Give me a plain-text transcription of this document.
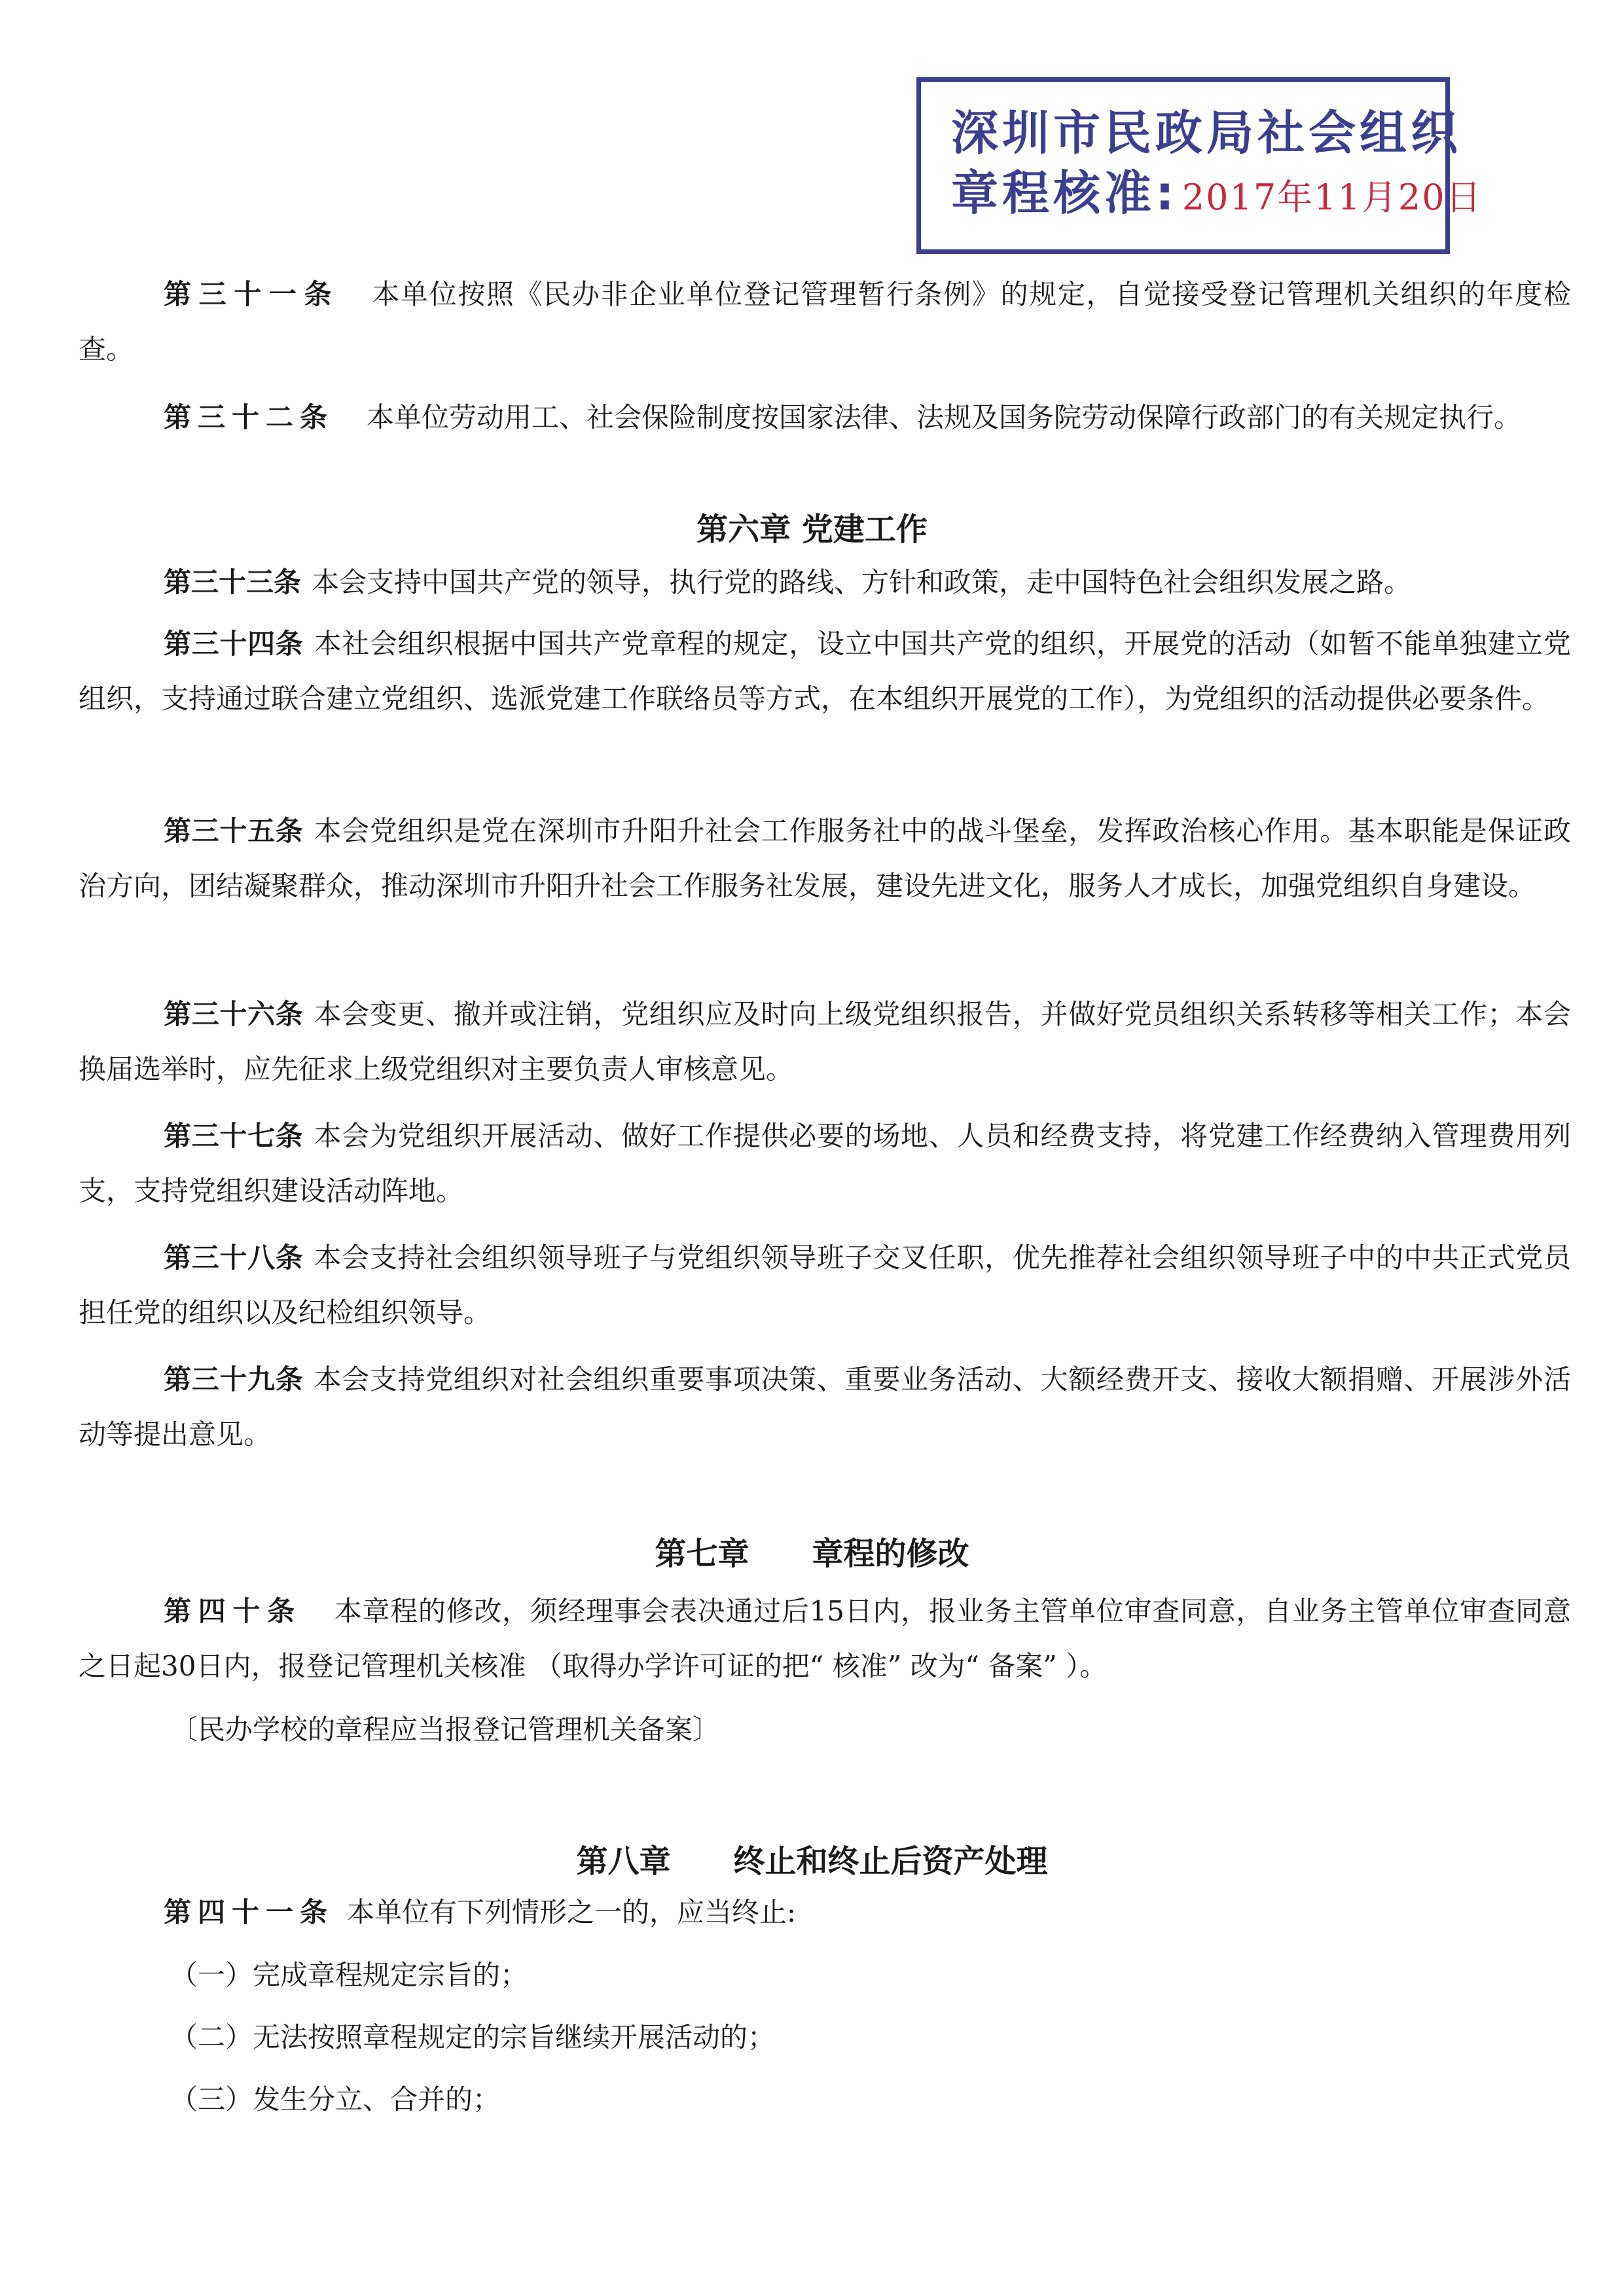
深圳市民政局社会组织
章程核准: 2017年11月20日

第三十一条 本单位按照《民办非企业单位登记管理暂行条例》的规定，自觉接受登记管理机关组织的年度检查。

第三十二条 本单位劳动用工、社会保险制度按国家法律、法规及国务院劳动保障行政部门的有关规定执行。

第六章 党建工作

第三十三条 本会支持中国共产党的领导，执行党的路线、方针和政策，走中国特色社会组织发展之路。

第三十四条 本社会组织根据中国共产党章程的规定，设立中国共产党的组织，开展党的活动（如暂不能单独建立党组织，支持通过联合建立党组织、选派党建工作联络员等方式，在本组织开展党的工作），为党组织的活动提供必要条件。

第三十五条 本会党组织是党在深圳市升阳升社会工作服务社中的战斗堡垒，发挥政治核心作用。基本职能是保证政治方向，团结凝聚群众，推动深圳市升阳升社会工作服务社发展，建设先进文化，服务人才成长，加强党组织自身建设。

第三十六条 本会变更、撤并或注销，党组织应及时向上级党组织报告，并做好党员组织关系转移等相关工作；本会换届选举时，应先征求上级党组织对主要负责人审核意见。

第三十七条 本会为党组织开展活动、做好工作提供必要的场地、人员和经费支持，将党建工作经费纳入管理费用列支，支持党组织建设活动阵地。

第三十八条 本会支持社会组织领导班子与党组织领导班子交叉任职，优先推荐社会组织领导班子中的中共正式党员担任党的组织以及纪检组织领导。

第三十九条 本会支持党组织对社会组织重要事项决策、重要业务活动、大额经费开支、接收大额捐赠、开展涉外活动等提出意见。

第七章　　章程的修改

第四十条 本章程的修改，须经理事会表决通过后15日内，报业务主管单位审查同意，自业务主管单位审查同意之日起30日内，报登记管理机关核准 （取得办学许可证的把“ 核准” 改为“ 备案” ）。

〔民办学校的章程应当报登记管理机关备案〕

第八章　　终止和终止后资产处理

第四十一条 本单位有下列情形之一的，应当终止:

（一）完成章程规定宗旨的；

（二）无法按照章程规定的宗旨继续开展活动的；

（三）发生分立、合并的；
